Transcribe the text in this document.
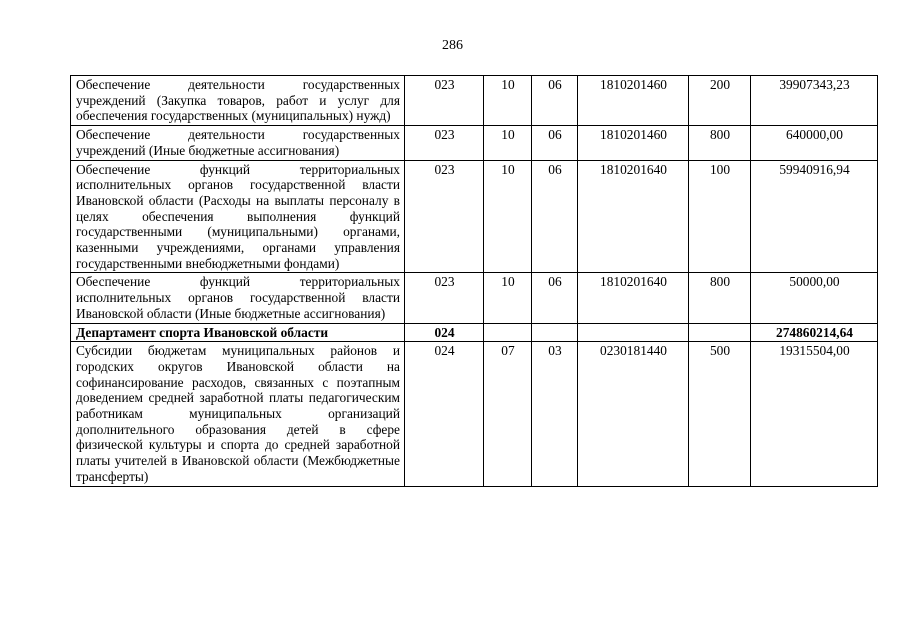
286
Обеспечение деятельности государственных учреждений (Закупка товаров, работ и услуг для обеспечения государственных (муниципальных) нужд)	023	10	06	1810201460	200	39907343,23
Обеспечение деятельности государственных учреждений (Иные бюджетные ассигнования)	023	10	06	1810201460	800	640000,00
Обеспечение функций территориальных исполнительных органов государственной власти Ивановской области (Расходы на выплаты персоналу в целях обеспечения выполнения функций государственными (муниципальными) органами, казенными учреждениями, органами управления государственными внебюджетными фондами)	023	10	06	1810201640	100	59940916,94
Обеспечение функций территориальных исполнительных органов государственной власти Ивановской области (Иные бюджетные ассигнования)	023	10	06	1810201640	800	50000,00
Департамент спорта Ивановской области	024					274860214,64
Субсидии бюджетам муниципальных районов и городских округов Ивановской области на софинансирование расходов, связанных с поэтапным доведением средней заработной платы педагогическим работникам муниципальных организаций дополнительного образования детей в сфере физической культуры и спорта до средней заработной платы учителей в Ивановской области (Межбюджетные трансферты)	024	07	03	0230181440	500	19315504,00
